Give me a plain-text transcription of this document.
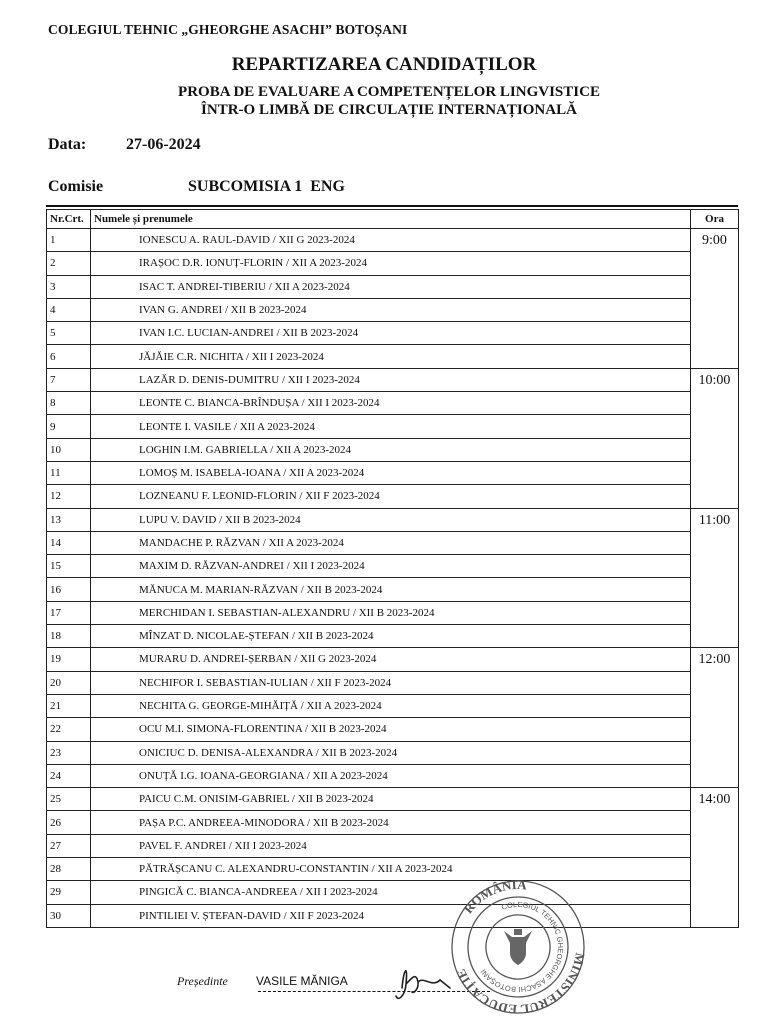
COLEGIUL TEHNIC „GHEORGHE ASACHI” BOTOȘANI
REPARTIZAREA CANDIDAȚILOR
PROBA DE EVALUARE A COMPETENȚELOR LINGVISTICE
ÎNTR-O LIMBĂ DE CIRCULAȚIE INTERNAȚIONALĂ
Data: 27-06-2024
Comisie	SUBCOMISIA 1  ENG
Nr.Crt.	Numele și prenumele	Ora
1	IONESCU A. RAUL-DAVID / XII G 2023-2024	9:00
2	IRAȘOC D.R. IONUȚ-FLORIN / XII A 2023-2024	
3	ISAC T. ANDREI-TIBERIU / XII A 2023-2024	
4	IVAN G. ANDREI / XII B 2023-2024	
5	IVAN I.C. LUCIAN-ANDREI / XII B 2023-2024	
6	JĂJĂIE C.R. NICHITA / XII I 2023-2024	
7	LAZĂR D. DENIS-DUMITRU / XII I 2023-2024	10:00
8	LEONTE C. BIANCA-BRÎNDUȘA / XII I 2023-2024	
9	LEONTE I. VASILE / XII A 2023-2024	
10	LOGHIN I.M. GABRIELLA / XII A 2023-2024	
11	LOMOȘ M. ISABELA-IOANA / XII A 2023-2024	
12	LOZNEANU F. LEONID-FLORIN / XII F 2023-2024	
13	LUPU V. DAVID / XII B 2023-2024	11:00
14	MANDACHE P. RĂZVAN / XII A 2023-2024	
15	MAXIM D. RĂZVAN-ANDREI / XII I 2023-2024	
16	MĂNUCA M. MARIAN-RĂZVAN / XII B 2023-2024	
17	MERCHIDAN I. SEBASTIAN-ALEXANDRU / XII B 2023-2024	
18	MÎNZAT D. NICOLAE-ȘTEFAN / XII B 2023-2024	
19	MURARU D. ANDREI-ȘERBAN / XII G 2023-2024	12:00
20	NECHIFOR I. SEBASTIAN-IULIAN / XII F 2023-2024	
21	NECHITA G. GEORGE-MIHĂIȚĂ / XII A 2023-2024	
22	OCU M.I. SIMONA-FLORENTINA / XII B 2023-2024	
23	ONICIUC D. DENISA-ALEXANDRA / XII B 2023-2024	
24	ONUȚĂ I.G. IOANA-GEORGIANA / XII A 2023-2024	
25	PAICU C.M. ONISIM-GABRIEL / XII B 2023-2024	14:00
26	PAȘA P.C. ANDREEA-MINODORA / XII B 2023-2024	
27	PAVEL F. ANDREI / XII I 2023-2024	
28	PĂTRĂȘCANU C. ALEXANDRU-CONSTANTIN / XII A 2023-2024	
29	PINGICĂ C. BIANCA-ANDREEA / XII I 2023-2024	
30	PINTILIEI V. ȘTEFAN-DAVID / XII F 2023-2024	
Președinte VASILE MĂNIGA
ROMÂNIA
MINISTERUL EDUCAȚIEI	COLEGIUL TEHNIC GHEORGHE ASACHI BOTOȘANI
